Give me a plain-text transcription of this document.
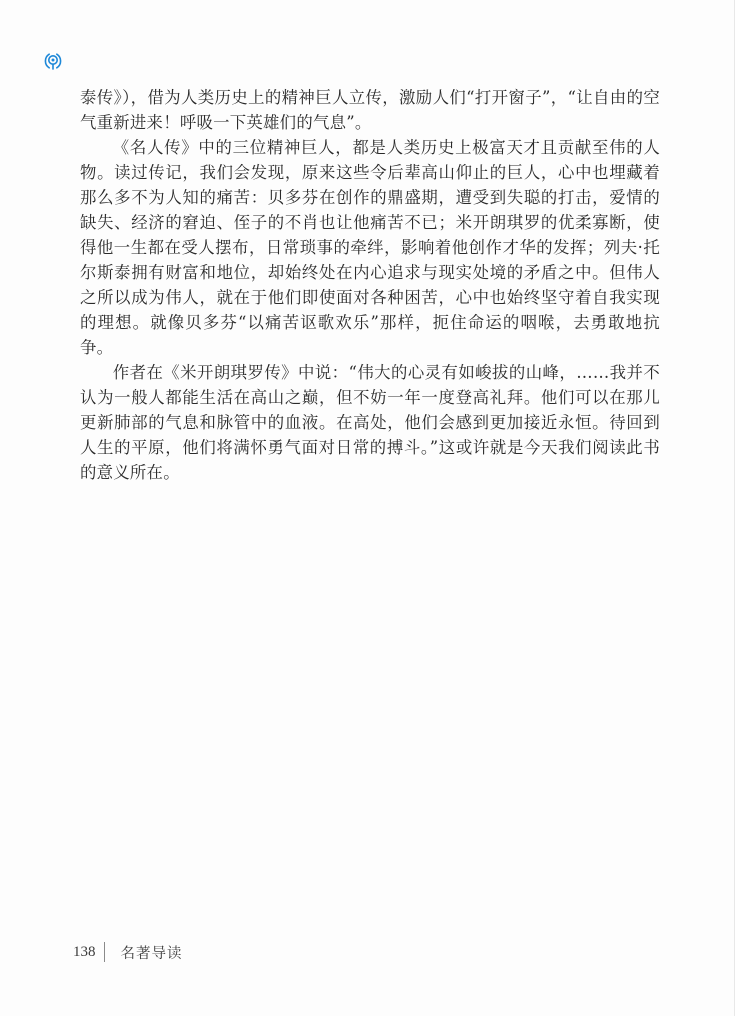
泰传》），借为人类历史上的精神巨人立传，激励人们“打开窗子”，“让自由的空气重新进来！呼吸一下英雄们的气息”。

《名人传》中的三位精神巨人，都是人类历史上极富天才且贡献至伟的人物。读过传记，我们会发现，原来这些令后辈高山仰止的巨人，心中也埋藏着那么多不为人知的痛苦：贝多芬在创作的鼎盛期，遭受到失聪的打击，爱情的缺失、经济的窘迫、侄子的不肖也让他痛苦不已；米开朗琪罗的优柔寡断，使得他一生都在受人摆布，日常琐事的牵绊，影响着他创作才华的发挥；列夫·托尔斯泰拥有财富和地位，却始终处在内心追求与现实处境的矛盾之中。但伟人之所以成为伟人，就在于他们即使面对各种困苦，心中也始终坚守着自我实现的理想。就像贝多芬“以痛苦讴歌欢乐”那样，扼住命运的咽喉，去勇敢地抗争。

作者在《米开朗琪罗传》中说：“伟大的心灵有如峻拔的山峰，……我并不认为一般人都能生活在高山之巅，但不妨一年一度登高礼拜。他们可以在那儿更新肺部的气息和脉管中的血液。在高处，他们会感到更加接近永恒。待回到人生的平原，他们将满怀勇气面对日常的搏斗。”这或许就是今天我们阅读此书的意义所在。

138 名著导读
